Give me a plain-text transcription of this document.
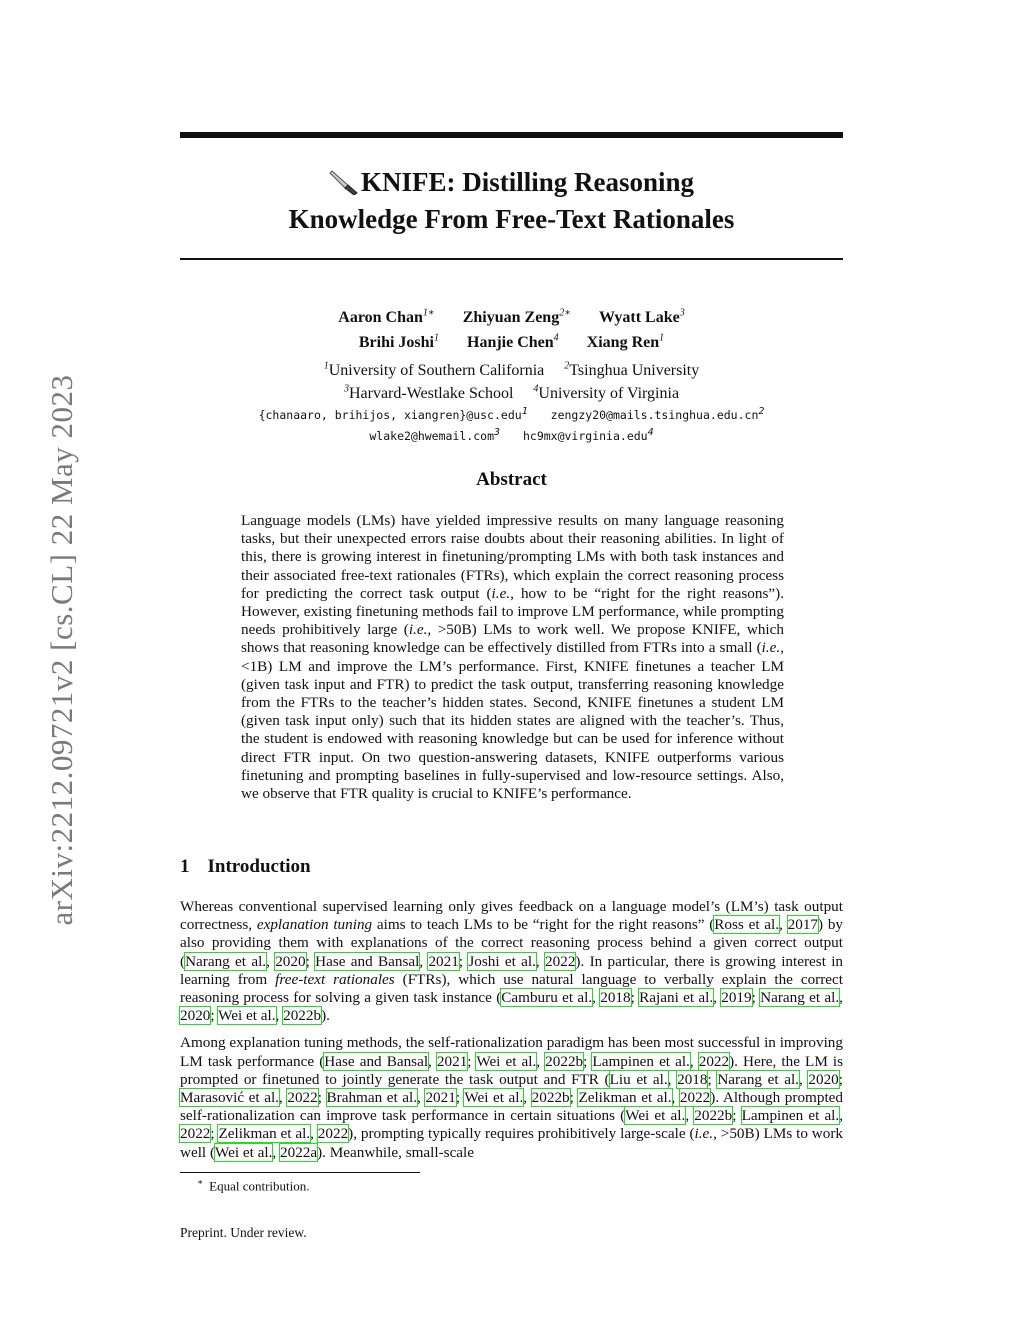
arXiv:2212.09721v2 [cs.CL] 22 May 2023
KNIFE: Distilling Reasoning
Knowledge From Free-Text Rationales
Aaron Chan$^{1∗}$ Zhiyuan Zeng$^{2∗}$ Wyatt Lake$^3$
Brihi Joshi$^1$ Hanjie Chen$^4$ Xiang Ren$^1$
$^1$University of Southern California $^2$Tsinghua University
$^3$Harvard-Westlake School $^4$University of Virginia
{chanaaro, brihijos, xiangren}@usc.edu$^1$ $zengzy20@mails.tsinghua.edu.cn^2$
wlake2@hwemail.com$^3$ hc9mx@virginia.edu$^4$
Abstract
Language models (LMs) have yielded impressive results on many language reasoning tasks, but their unexpected errors raise doubts about their reasoning abilities. In light of this, there is growing interest in finetuning/prompting LMs with both task instances and their associated free-text rationales (FTRs), which explain the correct reasoning process for predicting the correct task output (i.e., how to be “right for the right reasons”). However, existing finetuning methods fail to improve LM performance, while prompting needs prohibitively large (i.e., >50B) LMs to work well. We propose KNIFE, which shows that reasoning knowledge can be effectively distilled from FTRs into a small (i.e., <1B) LM and improve the LM’s performance. First, KNIFE finetunes a teacher LM (given task input and FTR) to predict the task output, transferring reasoning knowledge from the FTRs to the teacher’s hidden states. Second, KNIFE finetunes a student LM (given task input only) such that its hidden states are aligned with the teacher’s. Thus, the student is endowed with reasoning knowledge but can be used for inference without direct FTR input. On two question-answering datasets, KNIFE outperforms various finetuning and prompting baselines in fully-supervised and low-resource settings. Also, we observe that FTR quality is crucial to KNIFE’s performance.
1 Introduction

Whereas conventional supervised learning only gives feedback on a language model’s (LM’s) task output correctness, explanation tuning aims to teach LMs to be “right for the right reasons” (Ross et al., 2017) by also providing them with explanations of the correct reasoning process behind a given correct output (Narang et al., 2020; Hase and Bansal, 2021; Joshi et al., 2022). In particular, there is growing interest in learning from free-text rationales (FTRs), which use natural language to verbally explain the correct reasoning process for solving a given task instance (Camburu et al., 2018; Rajani et al., 2019; Narang et al., 2020; Wei et al., 2022b).

Among explanation tuning methods, the self-rationalization paradigm has been most successful in improving LM task performance (Hase and Bansal, 2021; Wei et al., 2022b; Lampinen et al., 2022). Here, the LM is prompted or finetuned to jointly generate the task output and FTR (Liu et al., 2018; Narang et al., 2020; Marasović et al., 2022; Brahman et al., 2021; Wei et al., 2022b; Zelikman et al., 2022). Although prompted self-rationalization can improve task performance in certain situations (Wei et al., 2022b; Lampinen et al., 2022; Zelikman et al., 2022), prompting typically requires prohibitively large-scale (i.e., >50B) LMs to work well (Wei et al., 2022a). Meanwhile, small-scale

∗ Equal contribution.
Preprint. Under review.
